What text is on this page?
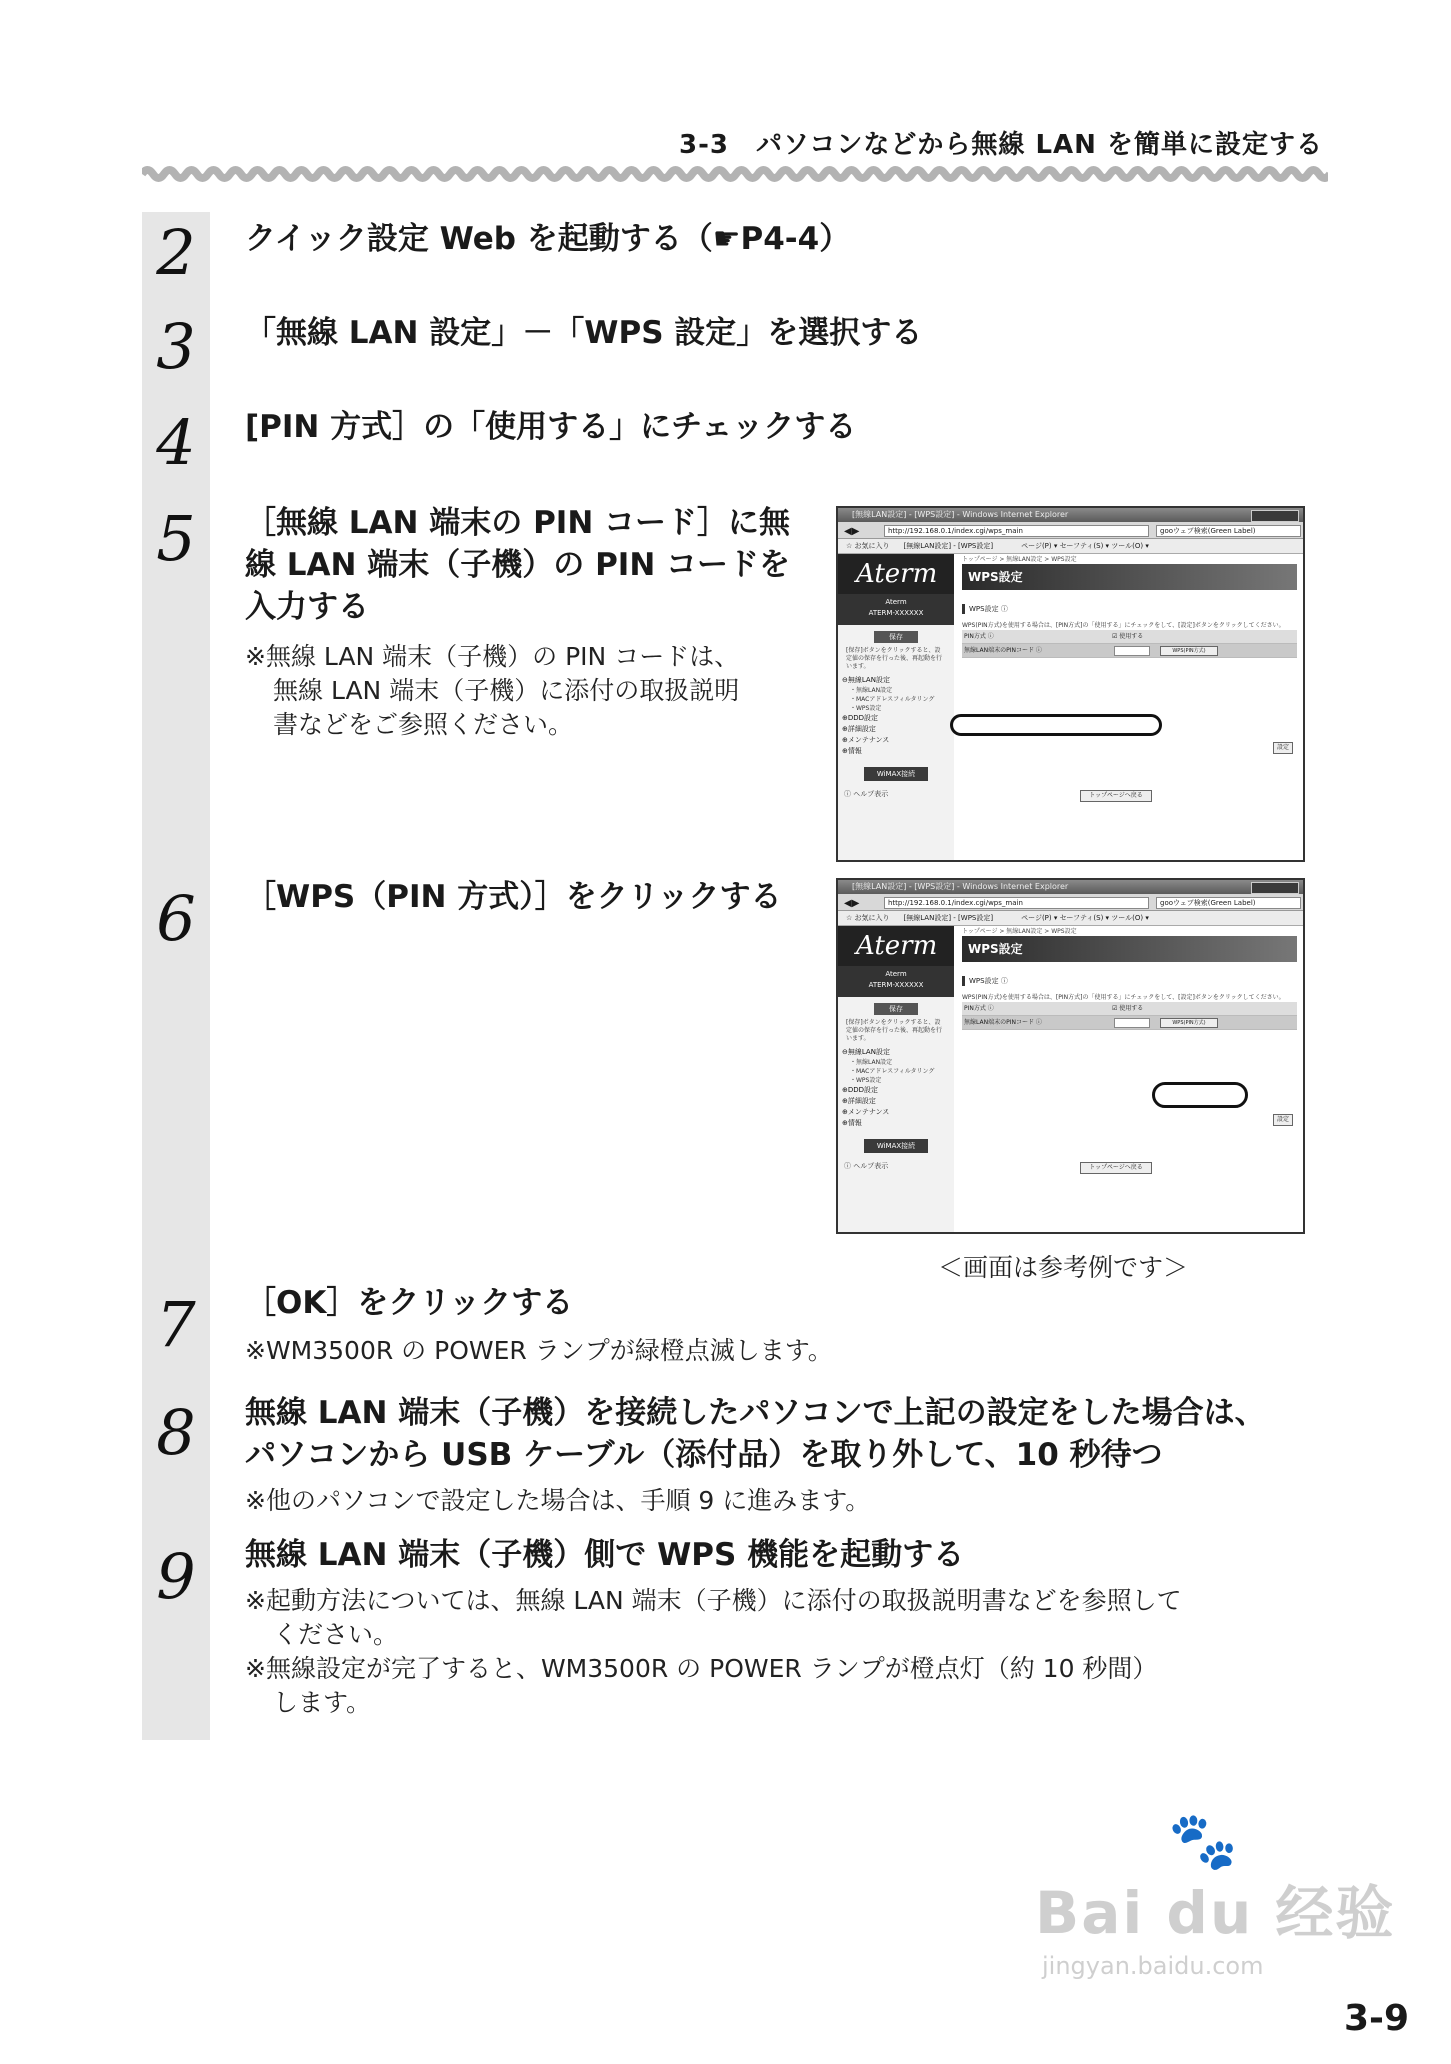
3-3　パソコンなどから無線 LAN を簡単に設定する
2 クイック設定 Web を起動する（☛P4-4）
3 「無線 LAN 設定」－「WPS 設定」を選択する
4 [PIN 方式］の「使用する」にチェックする
5 ［無線 LAN 端末の PIN コード］に無
線 LAN 端末（子機）の PIN コードを
入力する
※無線 LAN 端末（子機）の PIN コードは、
無線 LAN 端末（子機）に添付の取扱説明
書などをご参照ください。
[無線LAN設定] - [WPS設定] - Windows Internet Explorer
◀▶	http://192.168.0.1/index.cgi/wps_main	gooウェブ検索(Green Label)
☆ お気に入り　　 [無線LAN設定] - [WPS設定]　　　　	ページ(P) ▾ セーフティ(S) ▾ ツール(O) ▾
Aterm
Aterm
ATERM-XXXXXX
保存
[保存]ボタンをクリックすると、設定値の保存を行った後、再起動を行います。
⊖無線LAN設定
・無線LAN設定
・MACアドレスフィルタリング
・WPS設定
⊕DDD設定
⊕詳細設定
⊕メンテナンス
⊕情報
WiMAX接続
ⓘ ヘルプ表示
トップページ > 無線LAN設定 > WPS設定
WPS設定
WPS設定 ⓘ
WPS(PIN方式)を使用する場合は、[PIN方式]の「使用する」にチェックをして、[設定]ボタンをクリックしてください。
PIN方式 ⓘ	☑ 使用する
無線LAN端末のPINコード ⓘ	WPS(PIN方式)
設定
トップページへ戻る
6 ［WPS（PIN 方式）］をクリックする	[無線LAN設定] - [WPS設定] - Windows Internet Explorer
◀▶	http://192.168.0.1/index.cgi/wps_main	gooウェブ検索(Green Label)
☆ お気に入り　　 [無線LAN設定] - [WPS設定]　　　　	ページ(P) ▾ セーフティ(S) ▾ ツール(O) ▾
Aterm
Aterm
ATERM-XXXXXX
保存
[保存]ボタンをクリックすると、設定値の保存を行った後、再起動を行います。
⊖無線LAN設定
・無線LAN設定
・MACアドレスフィルタリング
・WPS設定
⊕DDD設定
⊕詳細設定
⊕メンテナンス
⊕情報
WiMAX接続
ⓘ ヘルプ表示
トップページ > 無線LAN設定 > WPS設定
WPS設定
WPS設定 ⓘ
WPS(PIN方式)を使用する場合は、[PIN方式]の「使用する」にチェックをして、[設定]ボタンをクリックしてください。
PIN方式 ⓘ	☑ 使用する
無線LAN端末のPINコード ⓘ	WPS(PIN方式)
設定
トップページへ戻る
＜画面は参考例です＞
7 ［OK］をクリックする
※WM3500R の POWER ランプが緑橙点滅します。
8 無線 LAN 端末（子機）を接続したパソコンで上記の設定をした場合は、
パソコンから USB ケーブル（添付品）を取り外して、10 秒待つ
※他のパソコンで設定した場合は、手順 9 に進みます。
9 無線 LAN 端末（子機）側で WPS 機能を起動する
※起動方法については、無線 LAN 端末（子機）に添付の取扱説明書などを参照して
ください。
※無線設定が完了すると、WM3500R の POWER ランプが橙点灯（約 10 秒間）
します。
Bai du 经验
jingyan.baidu.com
🐾
3-9
